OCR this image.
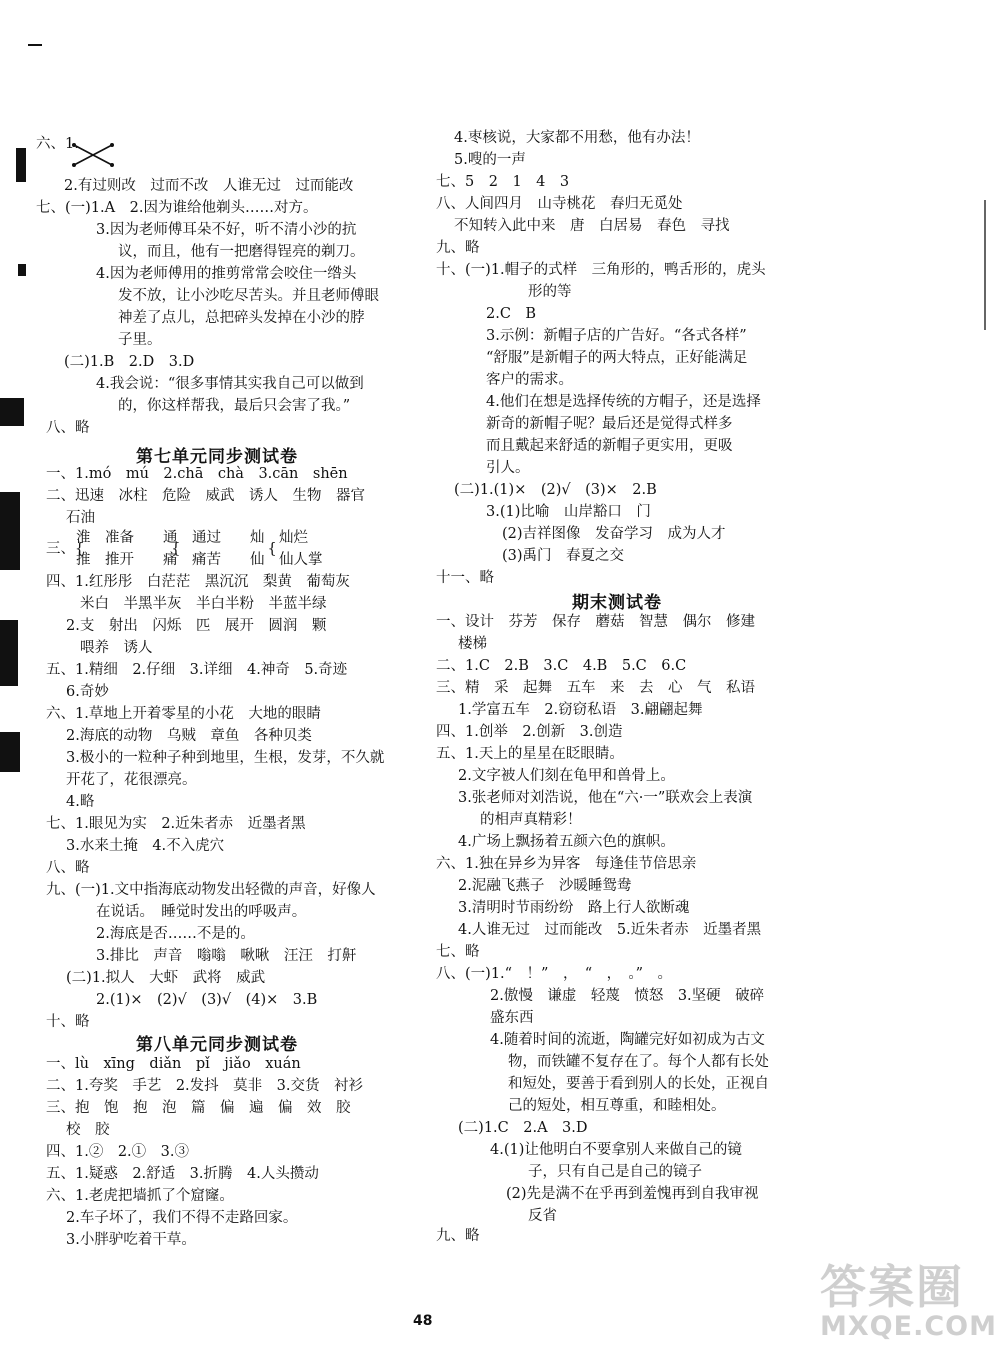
六、1.
2.有过则改　过而不改　人谁无过　过而能改
七、(一)1.A　2.因为谁给他剃头……对方。
3.因为老师傅耳朵不好，听不清小沙的抗
议，而且，他有一把磨得锃亮的剃刀。
4.因为老师傅用的推剪常常会咬住一绺头
发不放，让小沙吃尽苦头。并且老师傅眼
神差了点儿，总把碎头发掉在小沙的脖
子里。
(二)1.B　2.D　3.D
4.我会说：“很多事情其实我自己可以做到
的，你这样帮我，最后只会害了我。”
八、略
第七单元同步测试卷
一、1.mó　mú　2.chā　chà　3.cān　shēn
二、迅速　冰柱　危险　威武　诱人　生物　器官
石油
淮　准备　　通　通过　　灿　灿烂
三、{　　　　　　{　　　　　　{
推　推开　　痛　痛苦　　仙　仙人掌
四、1.红彤彤　白茫茫　黑沉沉　梨黄　葡萄灰
米白　半黑半灰　半白半粉　半蓝半绿
2.支　射出　闪烁　匹　展开　圆润　颗
喂养　诱人
五、1.精细　2.仔细　3.详细　4.神奇　5.奇迹
6.奇妙
六、1.草地上开着零星的小花　大地的眼睛
2.海底的动物　乌贼　章鱼　各种贝类
3.极小的一粒种子种到地里，生根，发芽，不久就
开花了，花很漂亮。
4.略
七、1.眼见为实　2.近朱者赤　近墨者黑
3.水来土掩　4.不入虎穴
八、略
九、(一)1.文中指海底动物发出轻微的声音，好像人
在说话。　睡觉时发出的呼吸声。
2.海底是否……不是的。
3.排比　声音　嗡嗡　啾啾　汪汪　打鼾
(二)1.拟人　大虾　武将　威武
2.(1)×　(2)√　(3)√　(4)×　3.B
十、略
第八单元同步测试卷
一、lù　xīng　diǎn　pǐ　jiǎo　xuán
二、1.夸奖　手艺　2.发抖　莫非　3.交货　衬衫
三、抱　饱　抱　泡　篇　偏　遍　偏　效　胶
校　胶
四、1.②　2.①　3.③
五、1.疑惑　2.舒适　3.折腾　4.人头攒动
六、1.老虎把墙抓了个窟窿。
2.车子坏了，我们不得不走路回家。
3.小胖驴吃着干草。
4.枣核说，大家都不用愁，他有办法！
5.嗖的一声
七、5　2　1　4　3
八、人间四月　山寺桃花　春归无觅处
不知转入此中来　唐　白居易　春色　寻找
九、略
十、(一)1.帽子的式样　三角形的，鸭舌形的，虎头
形的等
2.C　B
3.示例：新帽子店的广告好。“各式各样”
“舒服”是新帽子的两大特点，正好能满足
客户的需求。
4.他们在想是选择传统的方帽子，还是选择
新奇的新帽子呢？最后还是觉得式样多
而且戴起来舒适的新帽子更实用，更吸
引人。
(二)1.(1)×　(2)√　(3)×　2.B
3.(1)比喻　山岸豁口　门
(2)吉祥图像　发奋学习　成为人才
(3)禹门　春夏之交
十一、略
期末测试卷
一、设计　芬芳　保存　蘑菇　智慧　偶尔　修建
楼梯
二、1.C　2.B　3.C　4.B　5.C　6.C
三、精　采　起舞　五车　来　去　心　气　私语
1.学富五车　2.窃窃私语　3.翩翩起舞
四、1.创举　2.创新　3.创造
五、1.天上的星星在眨眼睛。
2.文字被人们刻在龟甲和兽骨上。
3.张老师对刘浩说，他在“六·一”联欢会上表演
的相声真精彩！
4.广场上飘扬着五颜六色的旗帜。
六、1.独在异乡为异客　每逢佳节倍思亲
2.泥融飞燕子　沙暖睡鸳鸯
3.清明时节雨纷纷　路上行人欲断魂
4.人谁无过　过而能改　5.近朱者赤　近墨者黑
七、略
八、(一)1.“　！”　，　“　，　。”　。
2.傲慢　谦虚　轻蔑　愤怒　3.坚硬　破碎
盛东西
4.随着时间的流逝，陶罐完好如初成为古文
物，而铁罐不复存在了。每个人都有长处
和短处，要善于看到别人的长处，正视自
己的短处，相互尊重，和睦相处。
(二)1.C　2.A　3.D
4.(1)让他明白不要拿别人来做自己的镜
子，只有自己是自己的镜子
(2)先是满不在乎再到羞愧再到自我审视
反省
九、略
48
答案圈
MXQE.COM
